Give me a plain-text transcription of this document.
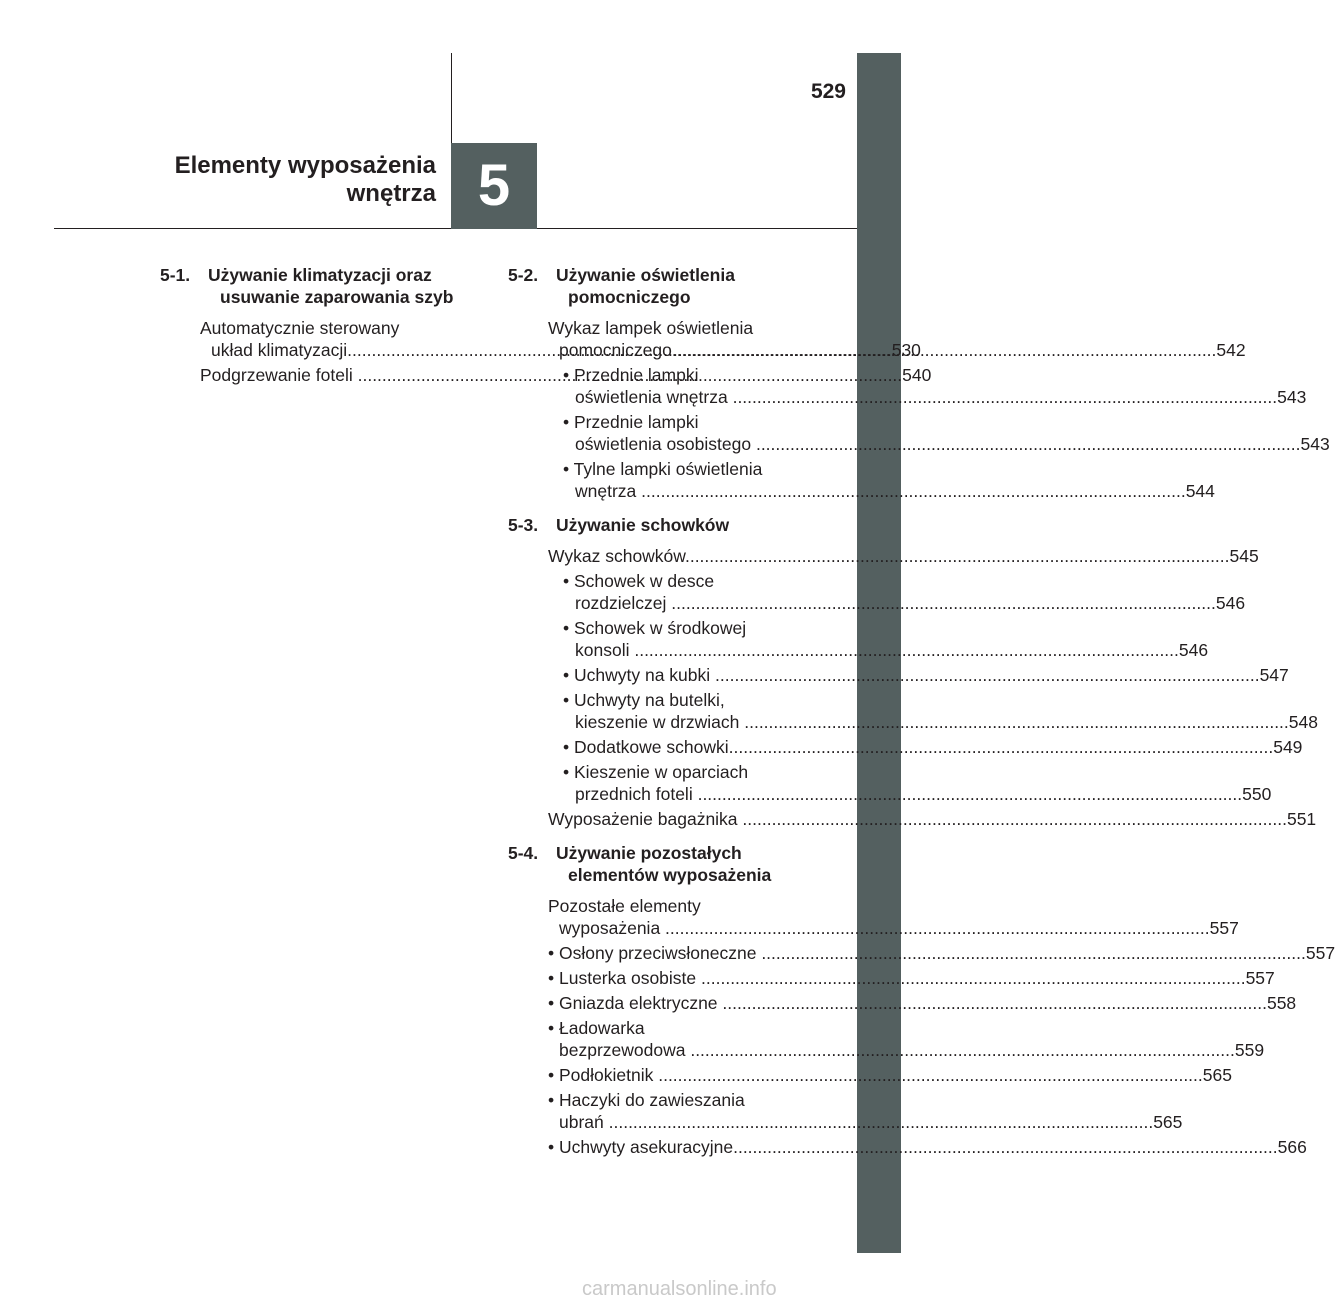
529
Elementy wyposażenia
wnętrza 5
5-1.	Używanie klimatyzacji oraz
usuwanie zaparowania szyb
Automatycznie sterowany
układ klimatyzacji .....	530
Podgrzewanie foteli .....	540
5-2.	Używanie oświetlenia
pomocniczego
Wykaz lampek oświetlenia
pomocniczego .....	542
• Przednie lampki
oświetlenia wnętrza .....	543
• Przednie lampki
oświetlenia osobistego .....	543
• Tylne lampki oświetlenia
wnętrza .....	544
5-3.	Używanie schowków
Wykaz schowków .....	545
• Schowek w desce
rozdzielczej .....	546
• Schowek w środkowej
konsoli .....	546
• Uchwyty na kubki .....	547
• Uchwyty na butelki,
kieszenie w drzwiach .....	548
• Dodatkowe schowki .....	549
• Kieszenie w oparciach
przednich foteli .....	550
Wyposażenie bagażnika .....	551
5-4.	Używanie pozostałych
elementów wyposażenia
Pozostałe elementy
wyposażenia .....	557
• Osłony przeciwsłoneczne .....	557
• Lusterka osobiste .....	557
• Gniazda elektryczne .....	558
• Ładowarka
bezprzewodowa .....	559
• Podłokietnik .....	565
• Haczyki do zawieszania
ubrań .....	565
• Uchwyty asekuracyjne .....	566
carmanualsonline.info
